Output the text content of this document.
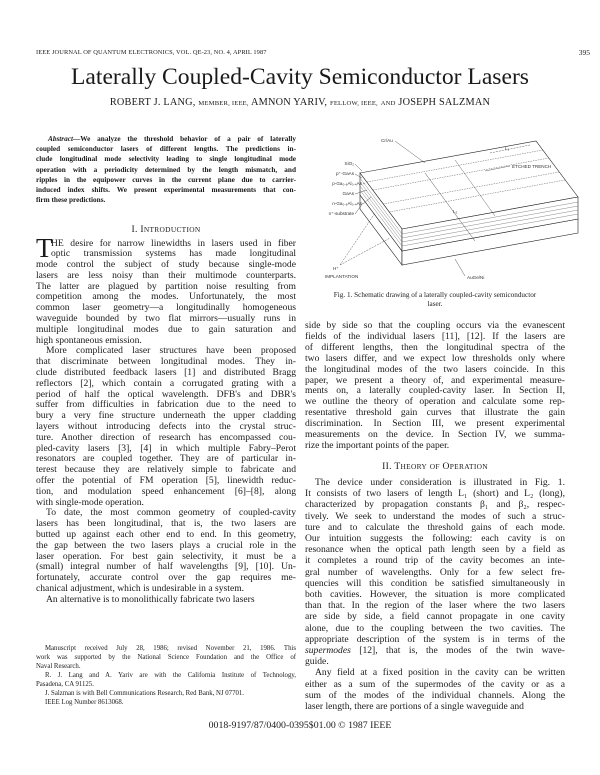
IEEE JOURNAL OF QUANTUM ELECTRONICS, VOL. QE-23, NO. 4, APRIL 1987	395
Laterally Coupled-Cavity Semiconductor Lasers
ROBERT J. LANG, MEMBER, IEEE, AMNON YARIV, FELLOW, IEEE, AND JOSEPH SALZMAN
Abstract—We analyze the threshold behavior of a pair of laterally
coupled semiconductor lasers of different lengths. The predictions in-
clude longitudinal mode selectivity leading to single longitudinal mode
operation with a periodicity determined by the length mismatch, and
ripples in the equipower curves in the current plane due to carrier-
induced index shifts. We present experimental measurements that con-
firm these predictions.
I. INTRODUCTION
T
HE desire for narrow linewidths in lasers used in fiber
optic transmission systems has made longitudinal
mode control the subject of study because single-mode
lasers are less noisy than their multimode counterparts.
The latter are plagued by partition noise resulting from
competition among the modes. Unfortunately, the most
common laser geometry—a longitudinally homogeneous
waveguide bounded by two flat mirrors—usually runs in
multiple longitudinal modes due to gain saturation and
high spontaneous emission.
More complicated laser structures have been proposed
that discriminate between longitudinal modes. They in-
clude distributed feedback lasers [1] and distributed Bragg
reflectors [2], which contain a corrugated grating with a
period of half the optical wavelength. DFB's and DBR's
suffer from difficulties in fabrication due to the need to
bury a very fine structure underneath the upper cladding
layers without introducing defects into the crystal struc-
ture. Another direction of research has encompassed cou-
pled-cavity lasers [3], [4] in which multiple Fabry–Perot
resonators are coupled together. They are of particular in-
terest because they are relatively simple to fabricate and
offer the potential of FM operation [5], linewidth reduc-
tion, and modulation speed enhancement [6]–[8], along
with single-mode operation.
To date, the most common geometry of coupled-cavity
lasers has been longitudinal, that is, the two lasers are
butted up against each other end to end. In this geometry,
the gap between the two lasers plays a crucial role in the
laser operation. For best gain selectivity, it must be a
(small) integral number of half wavelengths [9], [10]. Un-
fortunately, accurate control over the gap requires me-
chanical adjustment, which is undesirable in a system.
An alternative is to monolithically fabricate two lasers
Cr/Au
SiO₂
p⁺-GaAs
p-Ga₀.₆Al₀.₄As
GaAs
n-Ga₀.₆Al₀.₄As
n⁺-substrate
H⁺
IMPLANTATION
ETCHED TRENCH
AuGe/Ni
L₁
L₂
Fig. 1. Schematic drawing of a laterally coupled-cavity semiconductor
laser.
side by side so that the coupling occurs via the evanescent
fields of the individual lasers [11], [12]. If the lasers are
of different lengths, then the longitudinal spectra of the
two lasers differ, and we expect low thresholds only where
the longitudinal modes of the two lasers coincide. In this
paper, we present a theory of, and experimental measure-
ments on, a laterally coupled-cavity laser. In Section II,
we outline the theory of operation and calculate some rep-
resentative threshold gain curves that illustrate the gain
discrimination. In Section III, we present experimental
measurements on the device. In Section IV, we summa-
rize the important points of the paper.
II. THEORY OF OPERATION
The device under consideration is illustrated in Fig. 1.
It consists of two lasers of length L₁ (short) and L₂ (long),
characterized by propagation constants β₁ and β₂, respec-
tively. We seek to understand the modes of such a struc-
ture and to calculate the threshold gains of each mode.
Our intuition suggests the following: each cavity is on
resonance when the optical path length seen by a field as
it completes a round trip of the cavity becomes an inte-
gral number of wavelengths. Only for a few select fre-
quencies will this condition be satisfied simultaneously in
both cavities. However, the situation is more complicated
than that. In the region of the laser where the two lasers
are side by side, a field cannot propagate in one cavity
alone, due to the coupling between the two cavities. The
appropriate description of the system is in terms of the
supermodes [12], that is, the modes of the twin wave-
guide.
Any field at a fixed position in the cavity can be written
either as a sum of the supermodes of the cavity or as a
sum of the modes of the individual channels. Along the
laser length, there are portions of a single waveguide and
Manuscript received July 28, 1986; revised November 21, 1986. This
work was supported by the National Science Foundation and the Office of
Naval Research.
R. J. Lang and A. Yariv are with the California Institute of Technology,
Pasadena, CA 91125.
J. Salzman is with Bell Communications Research, Red Bank, NJ 07701.
IEEE Log Number 8613068.
0018-9197/87/0400-0395$01.00 © 1987 IEEE
